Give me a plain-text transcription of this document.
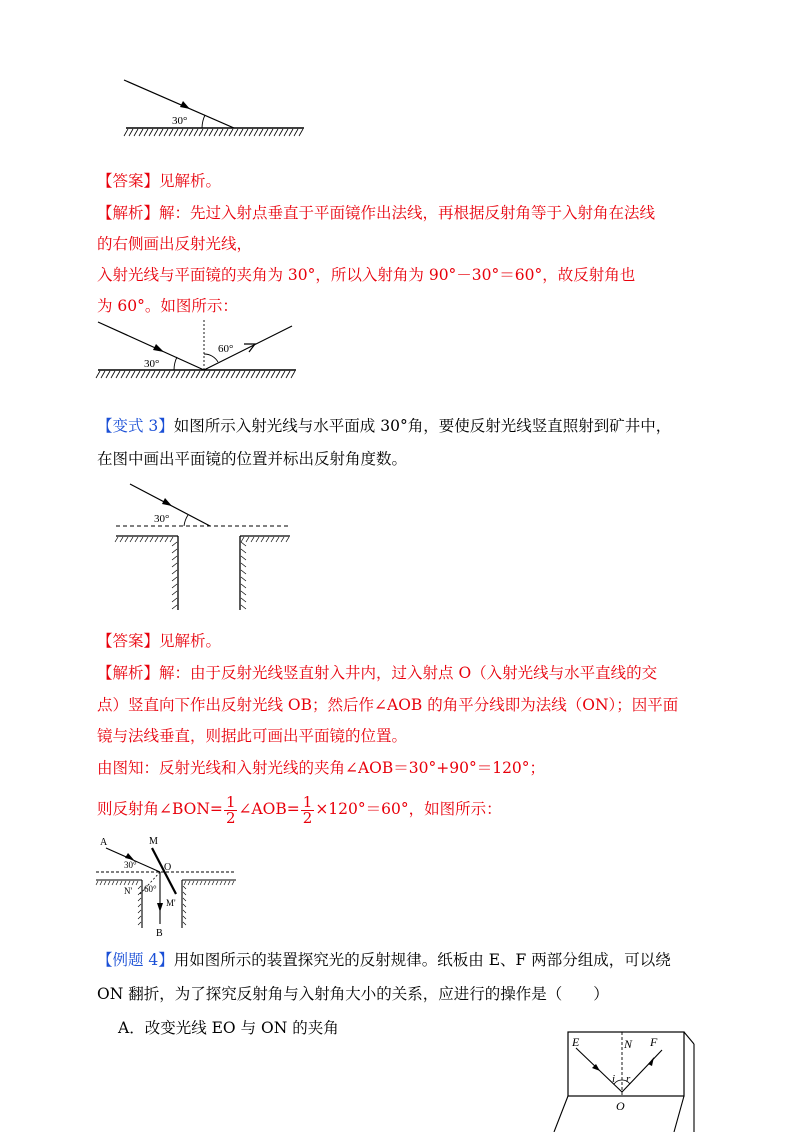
30°
【答案】见解析。
【解析】解：先过入射点垂直于平面镜作出法线，再根据反射角等于入射角在法线
的右侧画出反射光线，
入射光线与平面镜的夹角为 30°，所以入射角为 90°－30°＝60°，故反射角也
为 60°。如图所示：
30°
60°
【变式 3】如图所示入射光线与水平面成 30°角，要使反射光线竖直照射到矿井中，
在图中画出平面镜的位置并标出反射角度数。
30°
【答案】见解析。
【解析】解：由于反射光线竖直射入井内，过入射点 O（入射光线与水平直线的交
点）竖直向下作出反射光线 OB；然后作∠AOB 的角平分线即为法线（ON）；因平面
镜与法线垂直，则据此可画出平面镜的位置。
由图知：反射光线和入射光线的夹角∠AOB＝30°+90°＝120°；
则反射角∠BON= $\frac{1}{2}$ ∠AOB= $\frac{1}{2} \times 120^\circ=60^\circ$，如图所示：
A	M
O
30°
N' 60°
M'
B
【例题 4】用如图所示的装置探究光的反射规律。纸板由 E、F 两部分组成，可以绕
ON 翻折，为了探究反射角与入射角大小的关系，应进行的操作是（　　）
A．改变光线 EO 与 ON 的夹角
E	N F
i r
O
